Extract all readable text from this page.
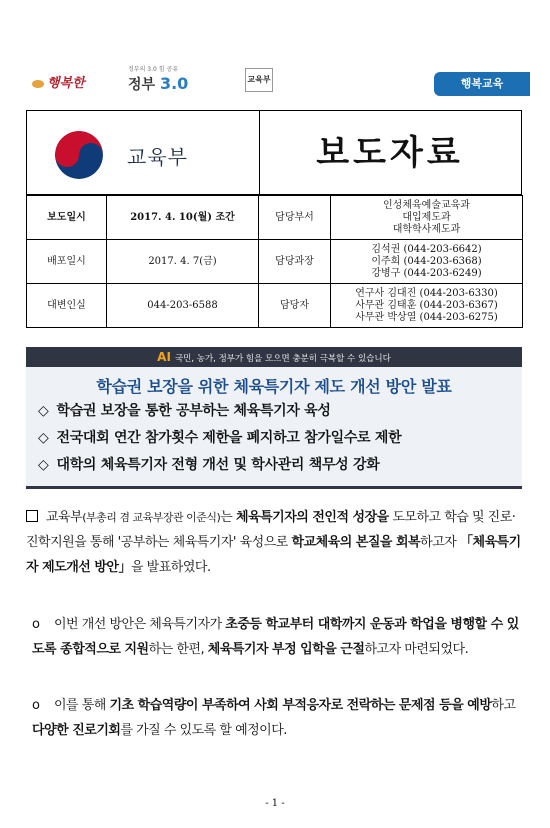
행복한
정부의 3.0 힘 공유
정부 3.0	교육부	행복교육
교육부	보도자료
보도일시	2017. 4. 10(월) 조간	담당부서	인성체육예술교육과
대입제도과
대학학사제도과

배포일시	2017. 4. 7(금)	담당과장	김석권 (044-203-6642)
이주희 (044-203-6368)
강병구 (044-203-6249)

대변인실	044-203-6588	담당자	연구사 김대진 (044-203-6330)
사무관 김태훈 (044-203-6367)
사무관 박상열 (044-203-6275)
AI 국민, 농가, 정부가 힘을 모으면 충분히 극복할 수 있습니다
학습권 보장을 위한 체육특기자 제도 개선 방안 발표
◇ 학습권 보장을 통한 공부하는 체육특기자 육성
◇ 전국대회 연간 참가횟수 제한을 폐지하고 참가일수로 제한
◇ 대학의 체육특기자 전형 개선 및 학사관리 책무성 강화
교육부(부총리 겸 교육부장관 이준식)는 체육특기자의 전인적 성장을 도모하고 학습 및 진로·진학지원을 통해 '공부하는 체육특기자' 육성으로 학교체육의 본질을 회복하고자 「체육특기자 제도개선 방안」을 발표하였다.
o 이번 개선 방안은 체육특기자가 초중등 학교부터 대학까지 운동과 학업을 병행할 수 있도록 종합적으로 지원하는 한편, 체육특기자 부정 입학을 근절하고자 마련되었다.
o 이를 통해 기초 학습역량이 부족하여 사회 부적응자로 전락하는 문제점 등을 예방하고 다양한 진로기회를 가질 수 있도록 할 예정이다.
- 1 -
